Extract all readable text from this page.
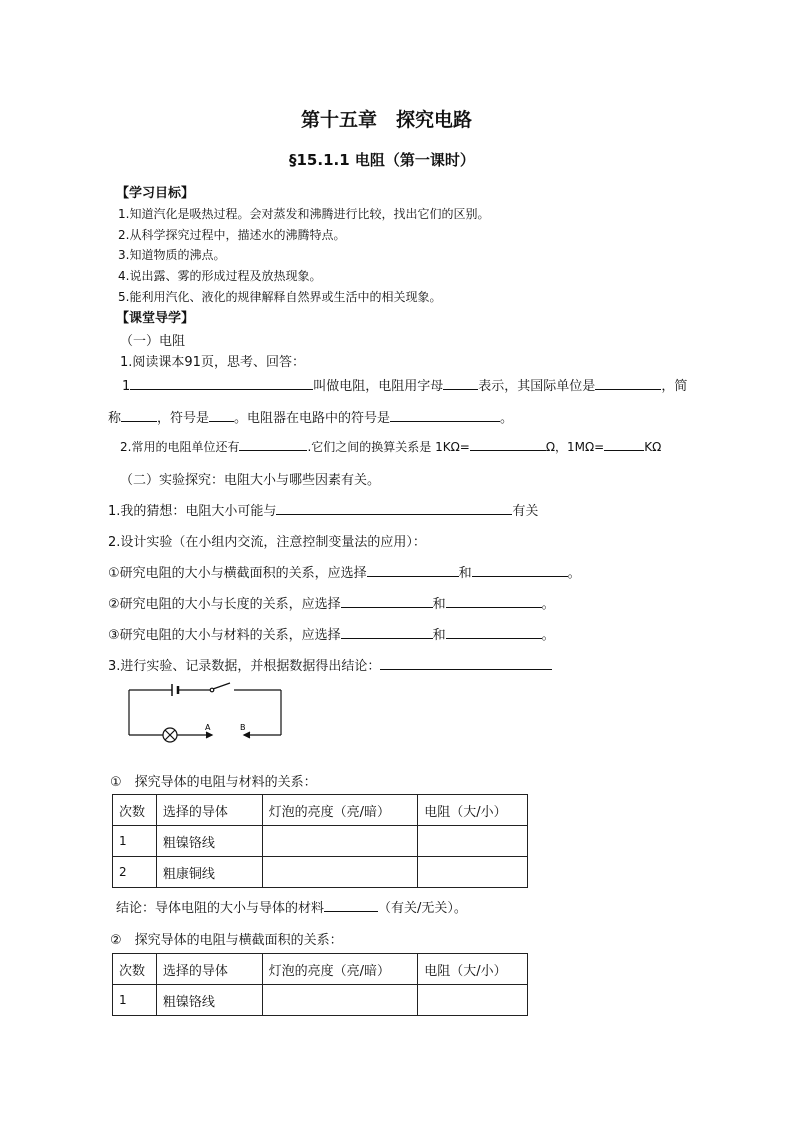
第十五章　探究电路
§15.1.1 电阻（第一课时）
【学习目标】
1.知道汽化是吸热过程。会对蒸发和沸腾进行比较，找出它们的区别。
2.从科学探究过程中，描述水的沸腾特点。
3.知道物质的沸点。
4.说出露、雾的形成过程及放热现象。
5.能利用汽化、液化的规律解释自然界或生活中的相关现象。
【课堂导学】
（一）电阻
1.阅读课本91页，思考、回答：
1	叫做电阻，电阻用字母	表示，其国际单位是	，简
称	，符号是 。电阻器在电路中的符号是	。
2.常用的电阻单位还有	.它们之间的换算关系是 1KΩ=	Ω，1MΩ=	KΩ
（二）实验探究：电阻大小与哪些因素有关。
1.我的猜想：电阻大小可能与	有关
2.设计实验（在小组内交流，注意控制变量法的应用）：
①研究电阻的大小与横截面积的关系，应选择	和	。
②研究电阻的大小与长度的关系，应选择	和	。
③研究电阻的大小与材料的关系，应选择	和	。
3.进行实验、记录数据，并根据数据得出结论：
A	B
①　探究导体的电阻与材料的关系：
次数	选择的导体	灯泡的亮度（亮/暗）	电阻（大/小）
1	粗镍铬线		
2	粗康铜线		
结论：导体电阻的大小与导体的材料	（有关/无关）。
②　探究导体的电阻与横截面积的关系：
次数	选择的导体	灯泡的亮度（亮/暗）	电阻（大/小）
1	粗镍铬线		
